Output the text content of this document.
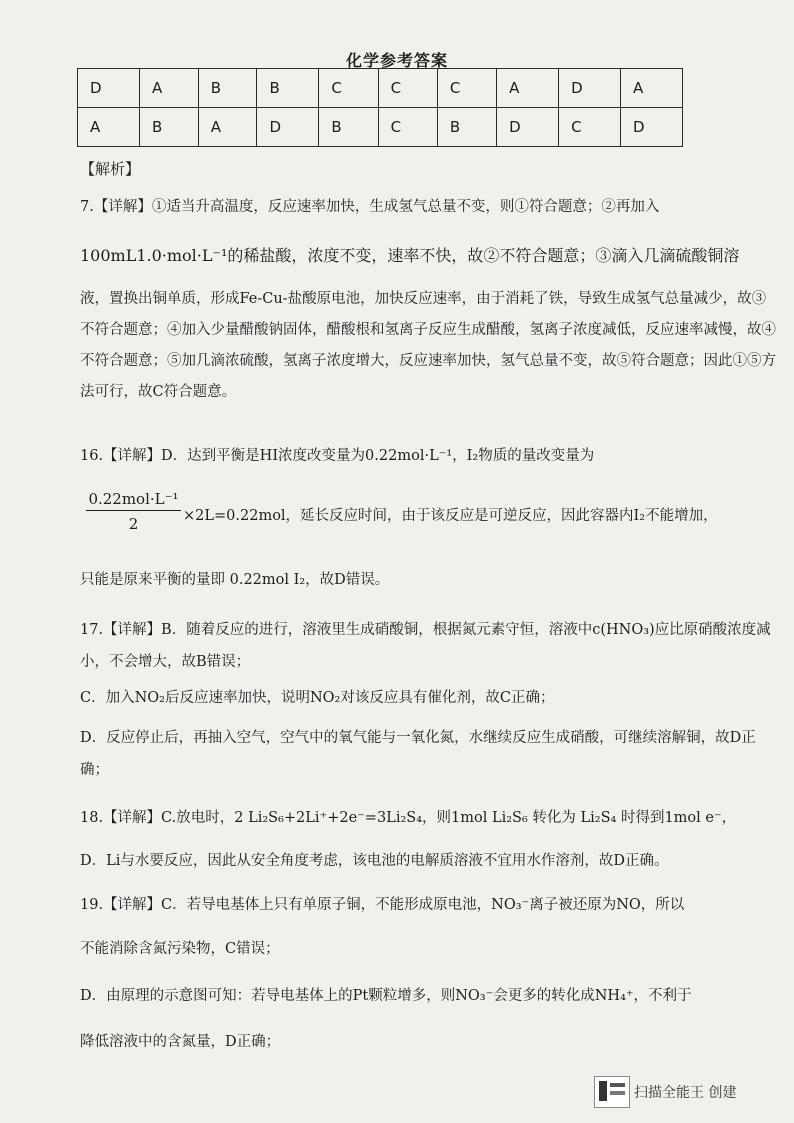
化学参考答案
D	A	B	B	C	C	C	A	D	A
A	B	A	D	B	C	B	D	C	D
【解析】
7.【详解】①适当升高温度，反应速率加快，生成氢气总量不变，则①符合题意；②再加入
100mL1.0·mol·L⁻¹的稀盐酸，浓度不变，速率不快，故②不符合题意；③滴入几滴硫酸铜溶
液，置换出铜单质，形成Fe-Cu-盐酸原电池，加快反应速率，由于消耗了铁，导致生成氢气总量减少，故③不符合题意；④加入少量醋酸钠固体，醋酸根和氢离子反应生成醋酸，氢离子浓度减低，反应速率减慢，故④不符合题意；⑤加几滴浓硫酸，氢离子浓度增大，反应速率加快，氢气总量不变，故⑤符合题意；因此①⑤方法可行，故C符合题意。
16.【详解】D．达到平衡是HI浓度改变量为0.22mol·L⁻¹，I₂物质的量改变量为
0.22mol·L⁻¹
2	×2L=0.22mol，延长反应时间，由于该反应是可逆反应，因此容器内I₂不能增加，
只能是原来平衡的量即 0.22mol I₂，故D错误。
17.【详解】B．随着反应的进行，溶液里生成硝酸铜，根据氮元素守恒，溶液中c(HNO₃)应比原硝酸浓度减小，不会增大，故B错误；
C．加入NO₂后反应速率加快，说明NO₂对该反应具有催化剂，故C正确；
D．反应停止后，再抽入空气，空气中的氧气能与一氧化氮，水继续反应生成硝酸，可继续溶解铜，故D正确；
18.【详解】C.放电时，2 Li₂S₆+2Li⁺+2e⁻=3Li₂S₄，则1mol Li₂S₆ 转化为 Li₂S₄ 时得到1mol e⁻，
D．Li与水要反应，因此从安全角度考虑，该电池的电解质溶液不宜用水作溶剂，故D正确。
19.【详解】C．若导电基体上只有单原子铜，不能形成原电池，NO₃⁻离子被还原为NO，所以
不能消除含氮污染物，C错误；
D．由原理的示意图可知：若导电基体上的Pt颗粒增多，则NO₃⁻会更多的转化成NH₄⁺，不利于
降低溶液中的含氮量，D正确；
扫描全能王 创建
